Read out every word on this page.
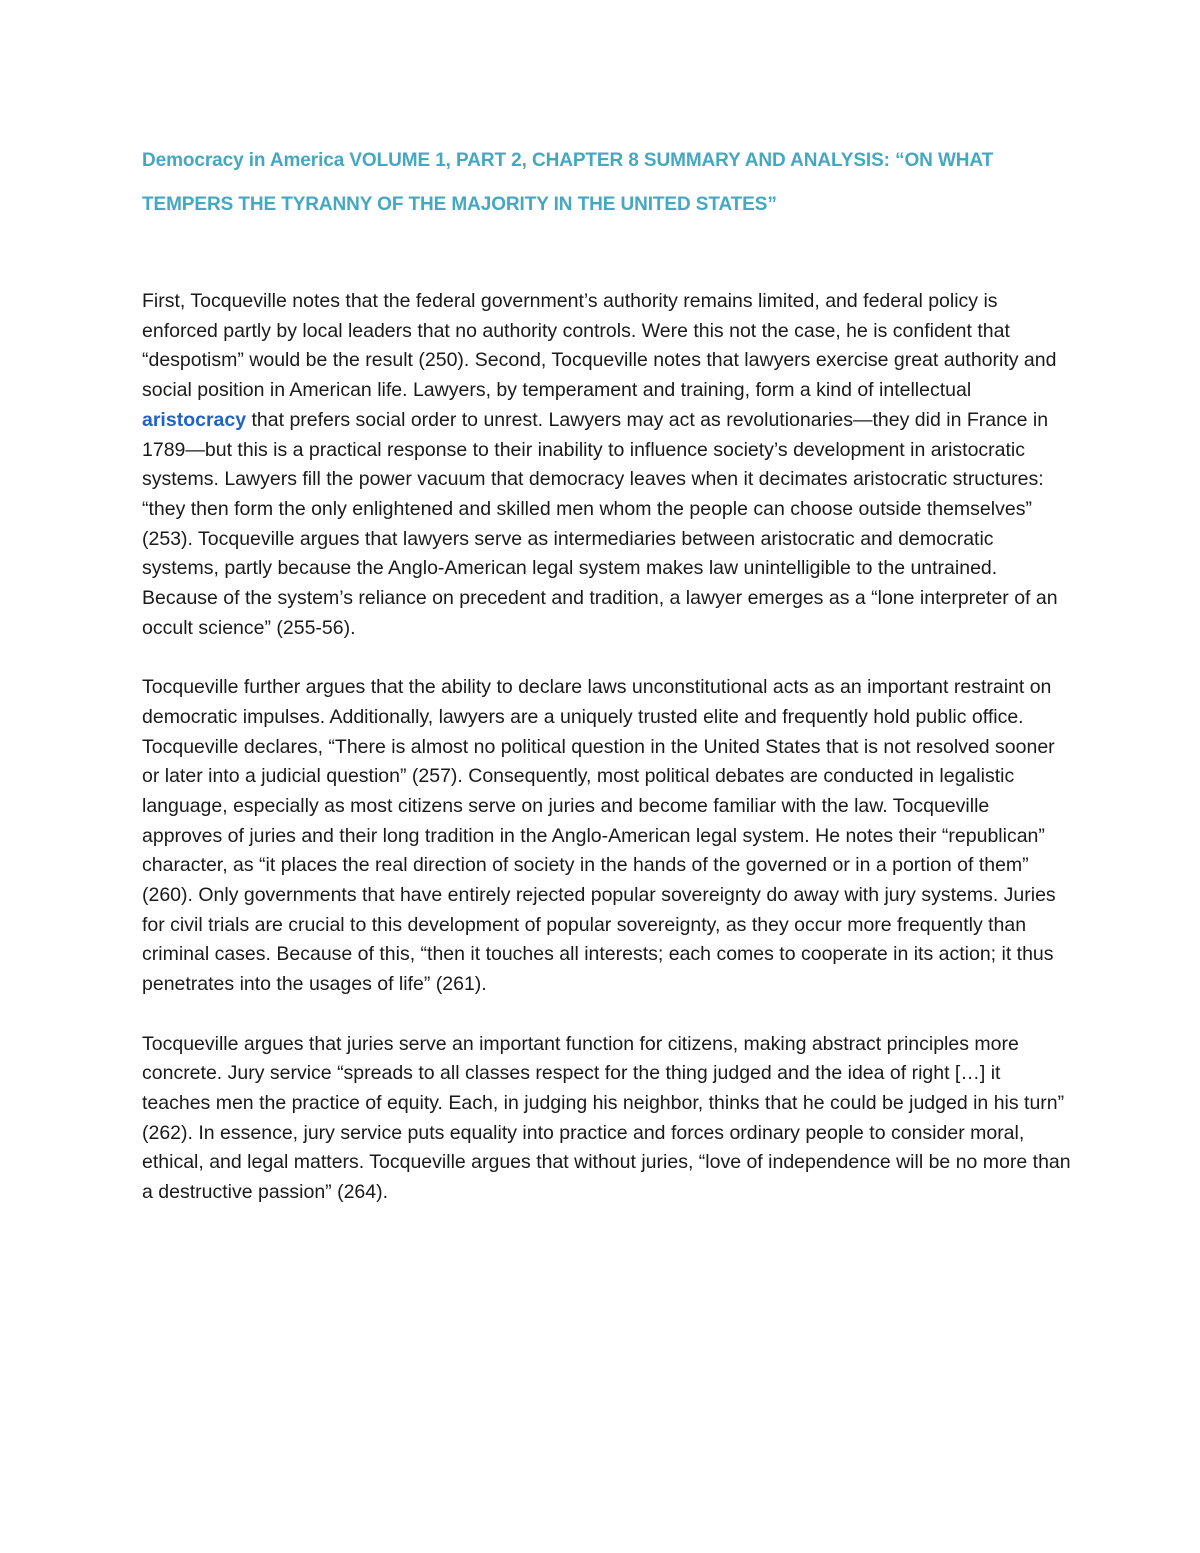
Democracy in America VOLUME 1, PART 2, CHAPTER 8 SUMMARY AND ANALYSIS: “ON WHAT
TEMPERS THE TYRANNY OF THE MAJORITY IN THE UNITED STATES”

First, Tocqueville notes that the federal government’s authority remains limited, and federal policy is enforced partly by local leaders that no authority controls. Were this not the case, he is confident that “despotism” would be the result (250). Second, Tocqueville notes that lawyers exercise great authority and social position in American life. Lawyers, by temperament and training, form a kind of intellectual aristocracy that prefers social order to unrest. Lawyers may act as revolutionaries—they did in France in 1789—but this is a practical response to their inability to influence society’s development in aristocratic systems. Lawyers fill the power vacuum that democracy leaves when it decimates aristocratic structures: “they then form the only enlightened and skilled men whom the people can choose outside themselves” (253). Tocqueville argues that lawyers serve as intermediaries between aristocratic and democratic systems, partly because the Anglo-American legal system makes law unintelligible to the untrained. Because of the system’s reliance on precedent and tradition, a lawyer emerges as a “lone interpreter of an occult science” (255-56).

Tocqueville further argues that the ability to declare laws unconstitutional acts as an important restraint on democratic impulses. Additionally, lawyers are a uniquely trusted elite and frequently hold public office. Tocqueville declares, “There is almost no political question in the United States that is not resolved sooner or later into a judicial question” (257). Consequently, most political debates are conducted in legalistic language, especially as most citizens serve on juries and become familiar with the law. Tocqueville approves of juries and their long tradition in the Anglo-American legal system. He notes their “republican” character, as “it places the real direction of society in the hands of the governed or in a portion of them” (260). Only governments that have entirely rejected popular sovereignty do away with jury systems. Juries for civil trials are crucial to this development of popular sovereignty, as they occur more frequently than criminal cases. Because of this, “then it touches all interests; each comes to cooperate in its action; it thus penetrates into the usages of life” (261).

Tocqueville argues that juries serve an important function for citizens, making abstract principles more concrete. Jury service “spreads to all classes respect for the thing judged and the idea of right […] it teaches men the practice of equity. Each, in judging his neighbor, thinks that he could be judged in his turn” (262). In essence, jury service puts equality into practice and forces ordinary people to consider moral, ethical, and legal matters. Tocqueville argues that without juries, “love of independence will be no more than a destructive passion” (264).
